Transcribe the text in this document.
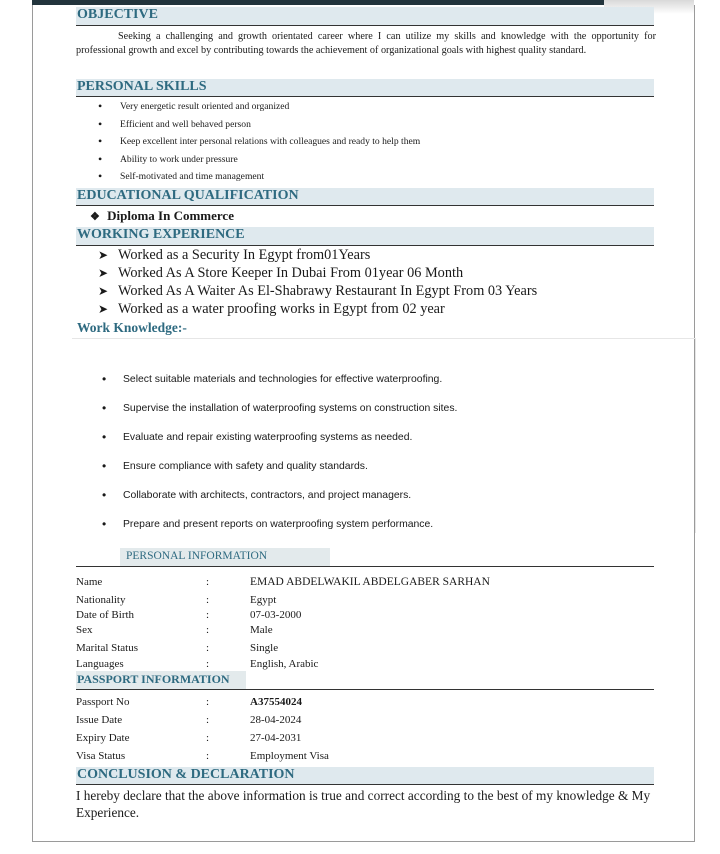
OBJECTIVE
Seeking a challenging and growth orientated career where I can utilize my skills and knowledge with the opportunity for professional growth and excel by contributing towards the achievement of organizational goals with highest quality standard.
PERSONAL SKILLS
• Very energetic result oriented and organized
• Efficient and well behaved person
• Keep excellent inter personal relations with colleagues and ready to help them
• Ability to work under pressure
• Self-motivated and time management
EDUCATIONAL QUALIFICATION
❖ Diploma In Commerce
WORKING EXPERIENCE
➤ Worked as a Security In Egypt from01Years
➤ Worked As A Store Keeper In Dubai From 01year 06 Month
➤ Worked As A Waiter As El-Shabrawy Restaurant In Egypt From 03 Years
➤ Worked as a water proofing works in Egypt from 02 year
Work Knowledge:-
• Select suitable materials and technologies for effective waterproofing.
• Supervise the installation of waterproofing systems on construction sites.
• Evaluate and repair existing waterproofing systems as needed.
• Ensure compliance with safety and quality standards.
• Collaborate with architects, contractors, and project managers.
• Prepare and present reports on waterproofing system performance.
PERSONAL INFORMATION
Name	:	EMAD ABDELWAKIL ABDELGABER SARHAN
Nationality	:	Egypt
Date of Birth	:	07-03-2000
Sex	:	Male
Marital Status	:	Single
Languages	:	English, Arabic
PASSPORT INFORMATION
Passport No	:	A37554024
Issue Date	:	28-04-2024
Expiry Date	:	27-04-2031
Visa Status	:	Employment Visa
CONCLUSION & DECLARATION
I hereby declare that the above information is true and correct according to the best of my knowledge & My Experience.
